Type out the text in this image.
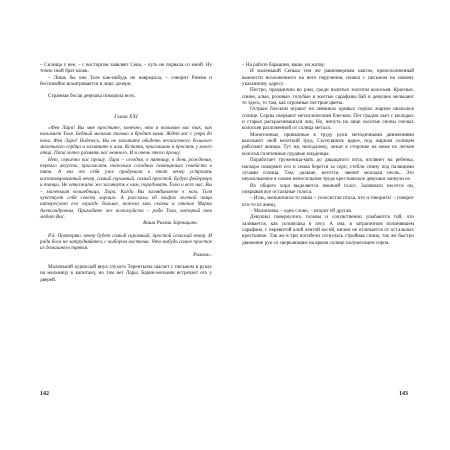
– Силища у нее, – с восторгом заявляет Сева, – чуть не порвала со мной. Ну точно свой брат казак.

– Лишь бы она Толе как-нибудь не навредила, – говорит Римма и беспокойно всматривается в лицо дочери.

Странная босая девушка покорила всех.

Глава XXI

«Фея Лара! Вы мне простите, конечно, что я называю вас так, как называет Толя. Бедный мальчик только и бредит вами. Ждет вас с утра до ночи. Фея Лара! Надеюсь, Вы не захотите обидеть несчастного больного маленького сердца и загляните к нам. Кстати, приглашаю я просить у моего отца. Папа хотел размять вас немного. И я очень этого прошу.

Нет, серьезно вас прошу, Лара – сегодня, в пятницу, в день рождения, первого августа, пригласить несколько соседних помещичьих семейств к пяти. А мы от себя уже придумали в этот вечер устроить костюмированный вечер, самый скромный, самый простой. Будут фейерверк и танцы. Не откажите же заглянуть к нам, порадовать Толю и всех нас. Вы – маленькая волшебница, Лара. Когда Вы заглядываете к нам, Толя чувствует себя совсем хорошо. А рассказы об эльфах зеленой чащи интересуют его гораздо больше, нежели мои сказки и чтение Марии Александровны. Приходите же пожалуйста – ради Толи, который так любит Вас.

Ваша Римма Зарницына.

P.S. Повторяю, вечер будет самый скромный, простой сельский вечер. И ради бога не затрудняйтесь с выбором костюма. Что-нибудь самое простое из домашнего тряпья.

Римма».

Маленький курносый внук глухого Терентьича шагает с письмом в руках на мельницу к капитану, но там нет Лары. Барин-мельник встречает его у дверей.

– На работе барышня, ваше, на жатву.

И маленький Сенька тем же равномерным шагом, преисполненный важности возложенного на него поручения, пошел с письмом по новому указанному адресу.

Пестро, празднично во ржи, среди налитых золотом колосьев. Красные, синие, алые, розовые, голубые и желтые сарафаны баб и девушек мелькают то здесь, то там, как огромные пестрые цветы.

Острым блеском играют на левниках кривых серпах жаркое июльское солнце. Серпы сверкают металлическим блеском. Пот градом льет с молодых и старых раскрасневшихся лиц. Но, ничуть на лице золотые снопы спелых колосьев разложенной от солнца металл.

Монотонные, привычные к труду руки методичными движениями высекают свой нелегкий труд. Согнувшись вдвое, под жарким солнцем работают жницы. Тут же, неподалеку, лежат в сторонке на меже их легкие колосья сплетенные грудные младенцы.

Поработает труженица-мать до двадцатого пота, взглянет на ребенка, наскоро покормит его и снова берется за серп, стебли спину под палящими лучами солнца. Там, дальше, несется, звенит молодая песнь. Это неумолкаемое в самом непосильном труде крестьянское девушки запнули ее.

Их общего хора выделяется звонкий голос. Заливчато несется он, покрывая все остальные голоса.

– Изль, мельничиха-то наша – голосистая птаха, что и говорить! – говорит кто-то из жниц.

– Малиновка – одно слово, – вторит ей другая.

Девушки повернулись головы и сочувственно улыбаются той, что заливается, как соловушка в лесу. А она, в затрапезном полинявшем сарафане, с перевитой алой лентой косой, ничем не отличается от остальных крестьянок. Так же в три погибели согнулась стройная спина, так же быстро движение рук со сверкающим на ярком солнце полумесяцем серпа.

142	143
